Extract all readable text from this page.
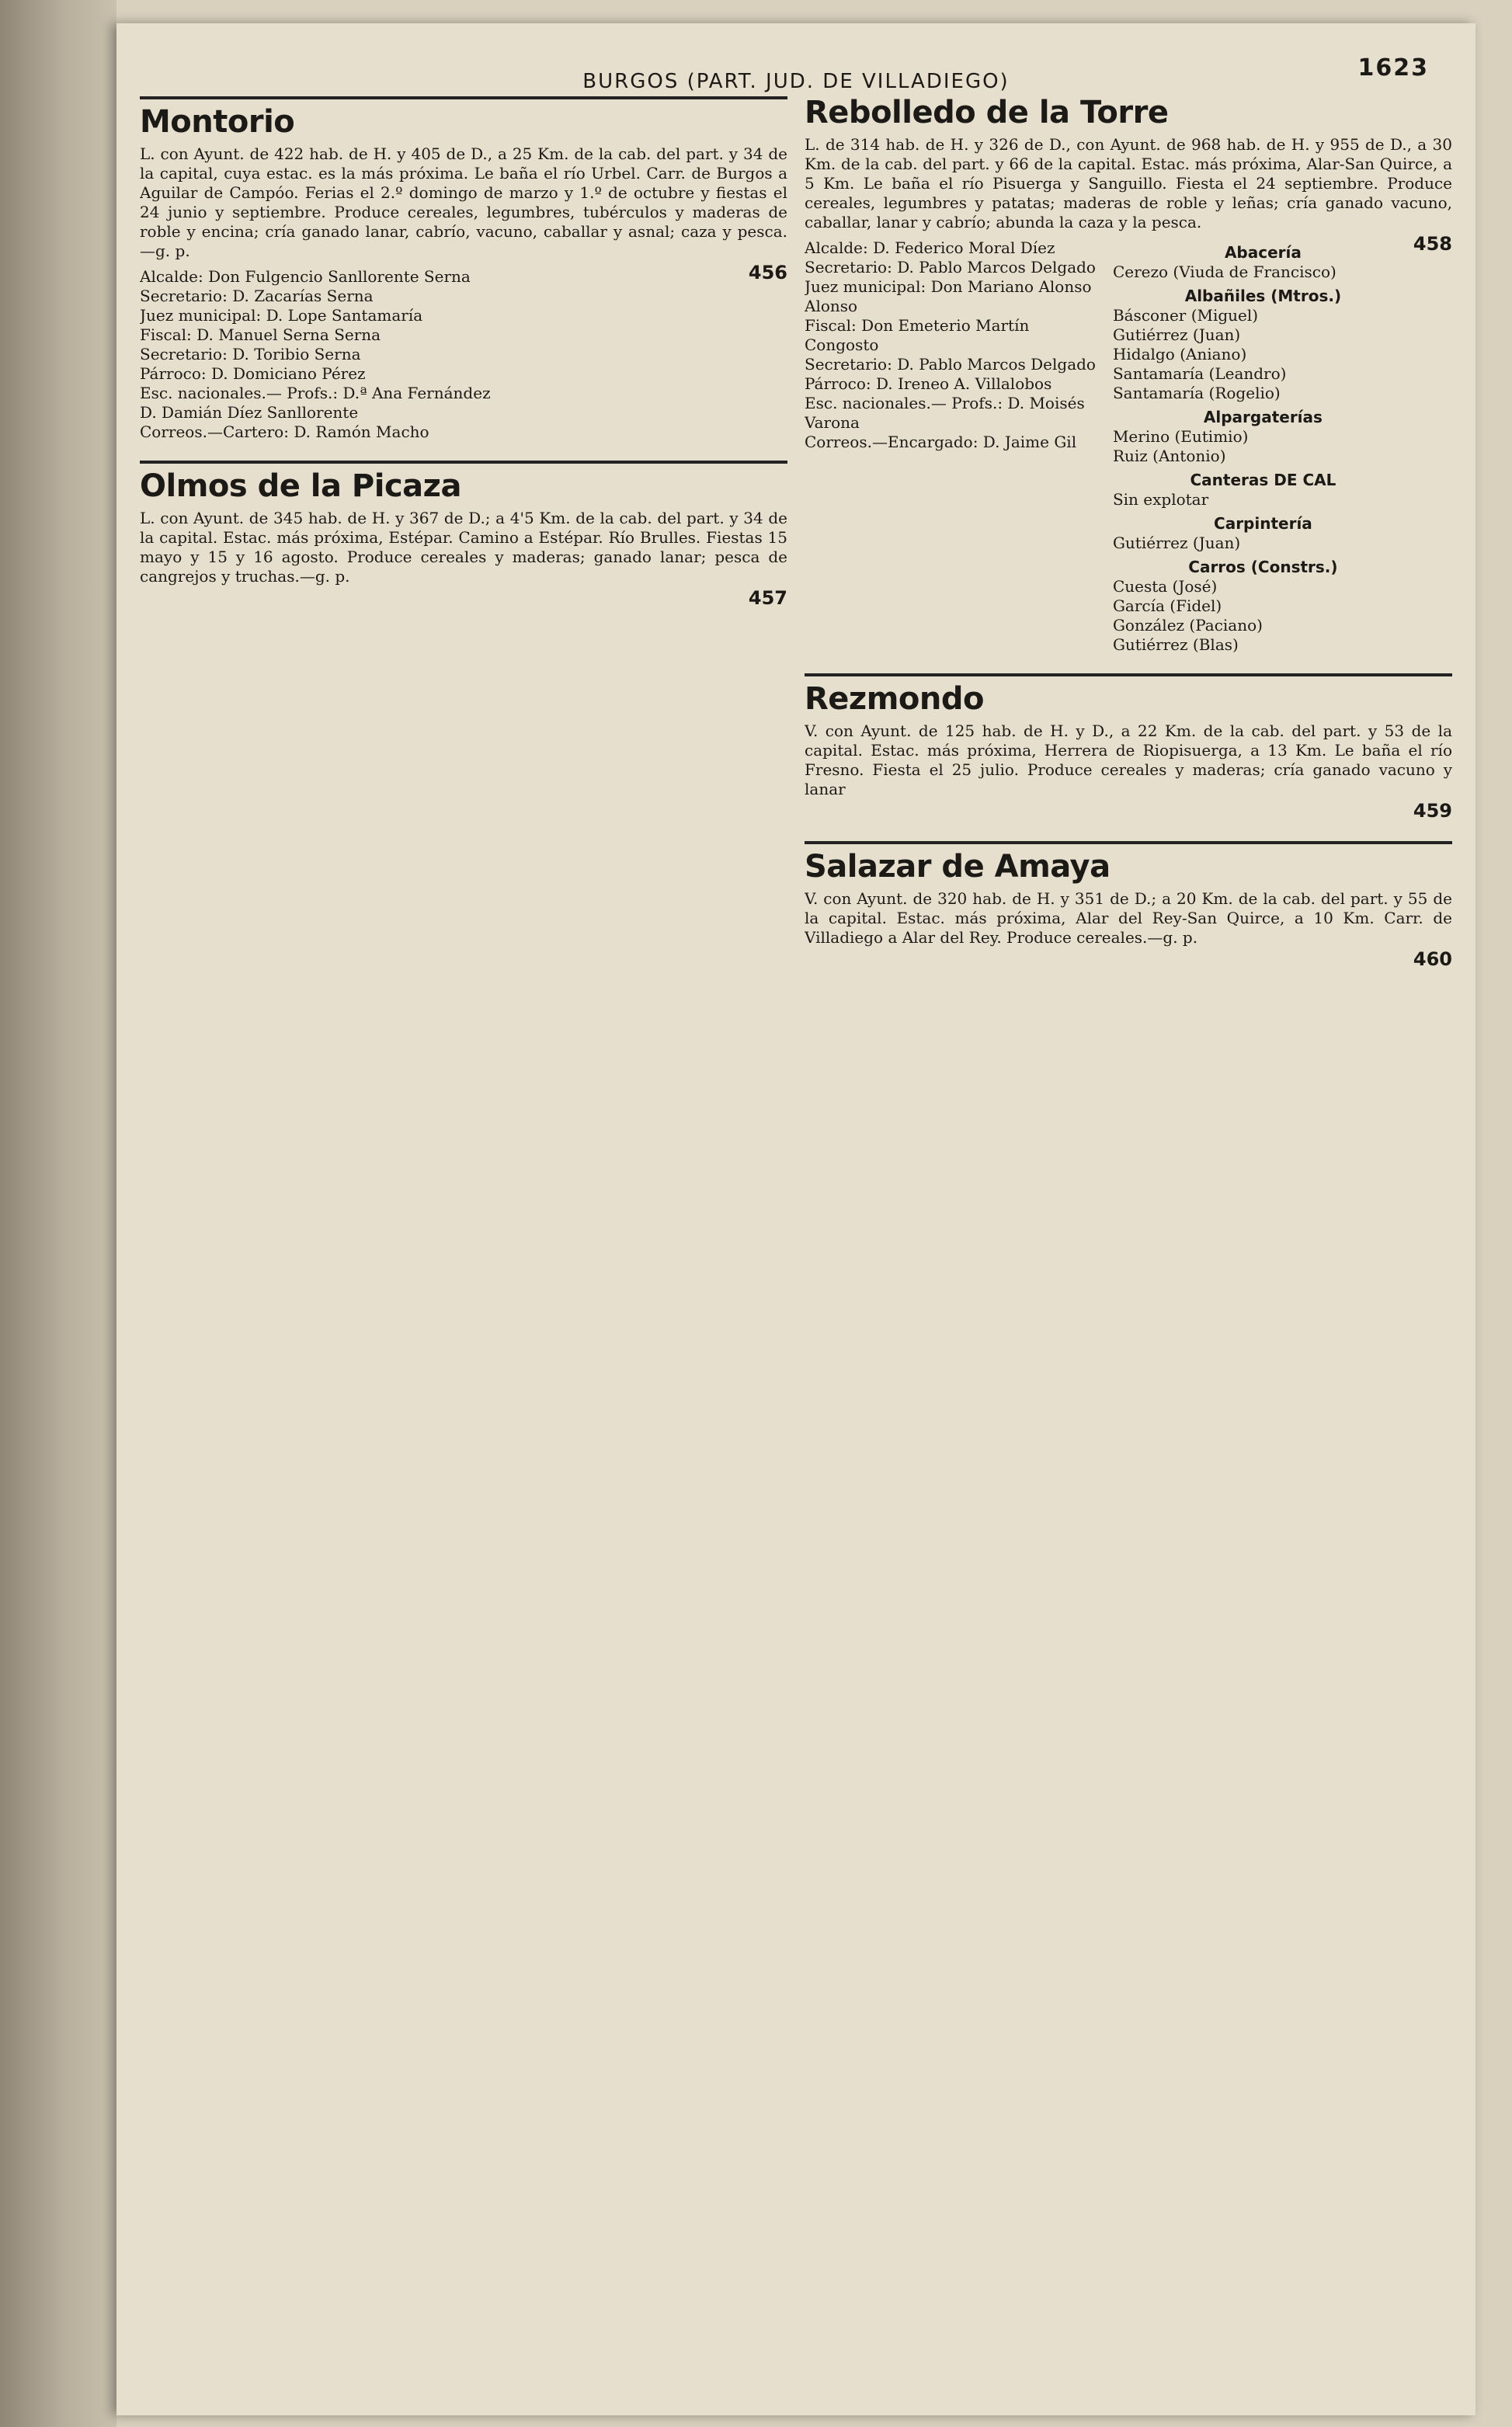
BURGOS (PART. JUD. DE VILLADIEGO)	1623
Montorio
L. con Ayunt. de 422 hab. de H. y 405 de D., a 25 Km. de la cab. del part. y 34 de la capital, cuya estac. es la más próxima. Le baña el río Urbel. Carr. de Burgos a Aguilar de Campóo. Ferias el 2.º domingo de marzo y 1.º de octubre y fiestas el 24 junio y septiembre. Produce cereales, legumbres, tubérculos y maderas de roble y encina; cría ganado lanar, cabrío, vacuno, caballar y asnal; caza y pesca.—g. p.
456
Alcalde: Don Fulgencio Sanllorente Serna
Secretario: D. Zacarías Serna
Juez municipal: D. Lope Santamaría
Fiscal: D. Manuel Serna Serna
Secretario: D. Toribio Serna
Párroco: D. Domiciano Pérez
Esc. nacionales.— Profs.: D.ª Ana Fernández
D. Damián Díez Sanllorente
Correos.—Cartero: D. Ramón Macho
Olmos de la Picaza
L. con Ayunt. de 345 hab. de H. y 367 de D.; a 4'5 Km. de la cab. del part. y 34 de la capital. Estac. más próxima, Estépar. Camino a Estépar. Río Brulles. Fiestas 15 mayo y 15 y 16 agosto. Produce cereales y maderas; ganado lanar; pesca de cangrejos y truchas.—g. p.
457
Rebolledo de la Torre
L. de 314 hab. de H. y 326 de D., con Ayunt. de 968 hab. de H. y 955 de D., a 30 Km. de la cab. del part. y 66 de la capital. Estac. más próxima, Alar-San Quirce, a 5 Km. Le baña el río Pisuerga y Sanguillo. Fiesta el 24 septiembre. Produce cereales, legumbres y patatas; maderas de roble y leñas; cría ganado vacuno, caballar, lanar y cabrío; abunda la caza y la pesca.
458
Alcalde: D. Federico Moral Díez
Secretario: D. Pablo Marcos Delgado
Juez municipal: Don Mariano Alonso Alonso
Fiscal: Don Emeterio Martín Congosto
Secretario: D. Pablo Marcos Delgado
Párroco: D. Ireneo A. Villalobos
Esc. nacionales.— Profs.: D. Moisés Varona
Correos.—Encargado: D. Jaime Gil
Abacería
Cerezo (Viuda de Francisco)
Albañiles (Mtros.)
Básconer (Miguel)
Gutiérrez (Juan)
Hidalgo (Aniano)
Santamaría (Leandro)
Santamaría (Rogelio)
Alpargaterías
Merino (Eutimio)
Ruiz (Antonio)
Canteras DE CAL
Sin explotar
Carpintería
Gutiérrez (Juan)
Carros (Constrs.)
Cuesta (José)
García (Fidel)
González (Paciano)
Gutiérrez (Blas)
Rezmondo
V. con Ayunt. de 125 hab. de H. y D., a 22 Km. de la cab. del part. y 53 de la capital. Estac. más próxima, Herrera de Riopisuerga, a 13 Km. Le baña el río Fresno. Fiesta el 25 julio. Produce cereales y maderas; cría ganado vacuno y lanar
459
Salazar de Amaya
V. con Ayunt. de 320 hab. de H. y 351 de D.; a 20 Km. de la cab. del part. y 55 de la capital. Estac. más próxima, Alar del Rey-San Quirce, a 10 Km. Carr. de Villadiego a Alar del Rey. Produce cereales.—g. p.
460
